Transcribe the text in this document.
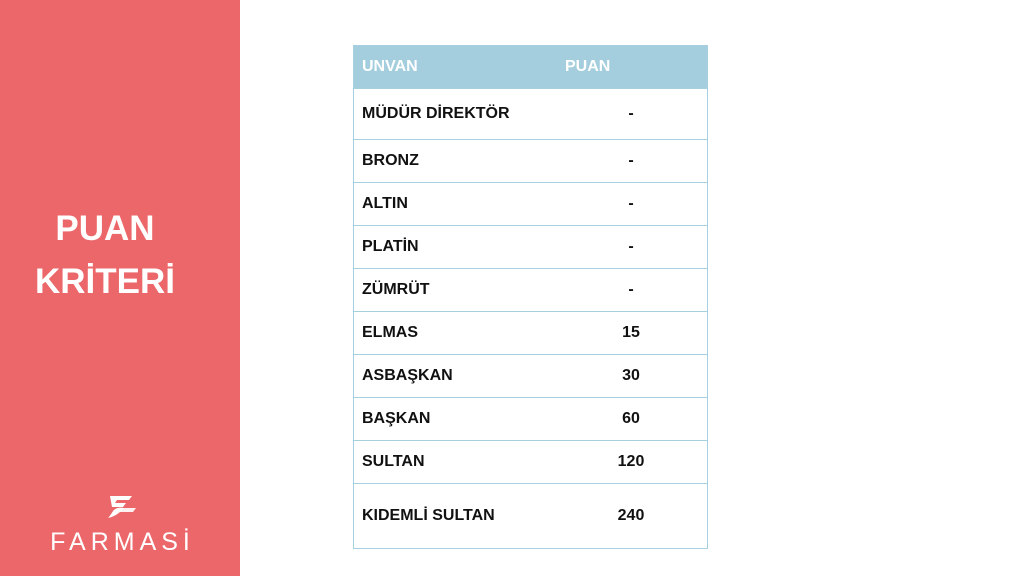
PUAN
KRİTERİ
FARMASİ
UNVAN	PUAN
MÜDÜR DİREKTÖR	-
BRONZ	-
ALTIN	-
PLATİN	-
ZÜMRÜT	-
ELMAS	15
ASBAŞKAN	30
BAŞKAN	60
SULTAN	120
KIDEMLİ SULTAN	240
